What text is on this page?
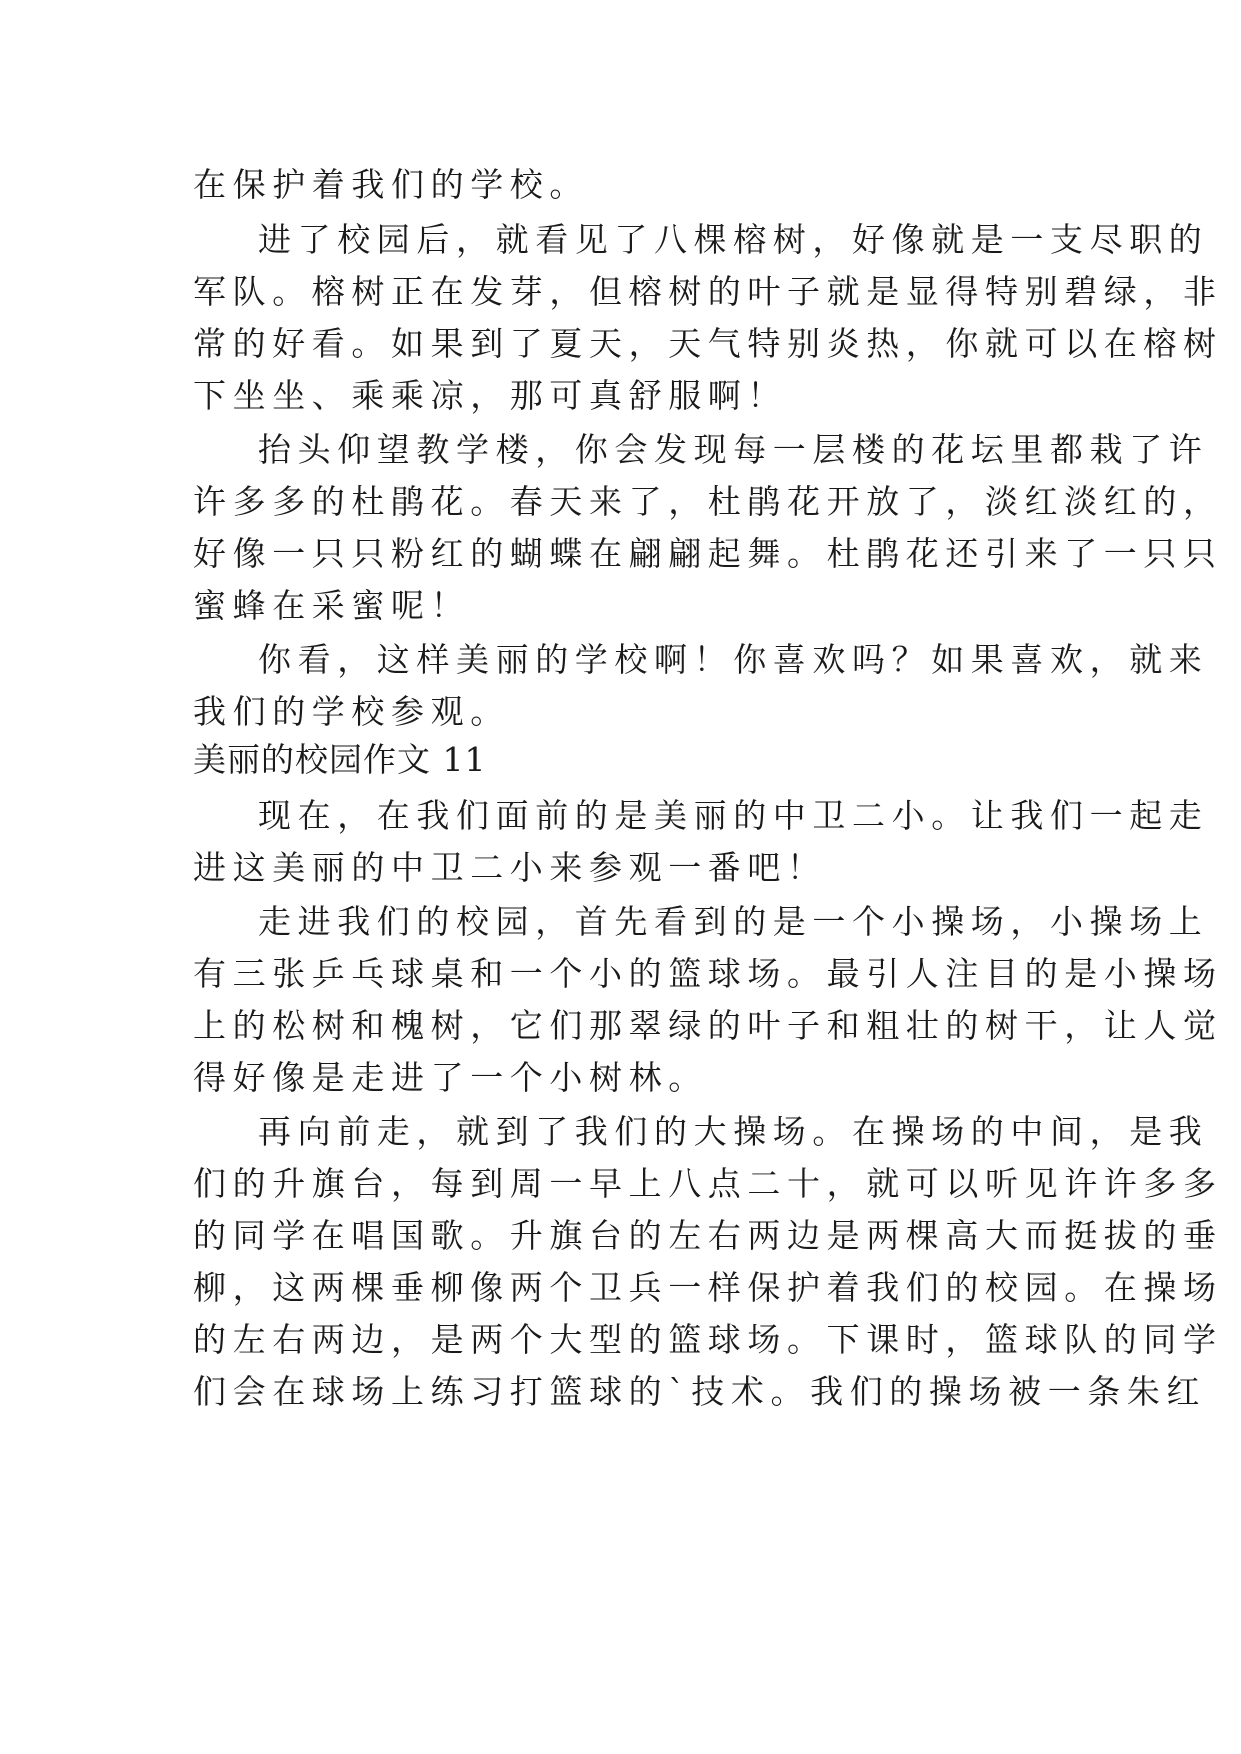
在保护着我们的学校。
进了校园后，就看见了八棵榕树，好像就是一支尽职的
军队。榕树正在发芽，但榕树的叶子就是显得特别碧绿，非
常的好看。如果到了夏天，天气特别炎热，你就可以在榕树
下坐坐、乘乘凉，那可真舒服啊！
抬头仰望教学楼，你会发现每一层楼的花坛里都栽了许
许多多的杜鹃花。春天来了，杜鹃花开放了，淡红淡红的，
好像一只只粉红的蝴蝶在翩翩起舞。杜鹃花还引来了一只只
蜜蜂在采蜜呢！
你看，这样美丽的学校啊！你喜欢吗？如果喜欢，就来
我们的学校参观。
美丽的校园作文 11
现在，在我们面前的是美丽的中卫二小。让我们一起走
进这美丽的中卫二小来参观一番吧！
走进我们的校园，首先看到的是一个小操场，小操场上
有三张乒乓球桌和一个小的篮球场。最引人注目的是小操场
上的松树和槐树，它们那翠绿的叶子和粗壮的树干，让人觉
得好像是走进了一个小树林。
再向前走，就到了我们的大操场。在操场的中间，是我
们的升旗台，每到周一早上八点二十，就可以听见许许多多
的同学在唱国歌。升旗台的左右两边是两棵高大而挺拔的垂
柳，这两棵垂柳像两个卫兵一样保护着我们的校园。在操场
的左右两边，是两个大型的篮球场。下课时，篮球队的同学
们会在球场上练习打篮球的`技术。我们的操场被一条朱红
